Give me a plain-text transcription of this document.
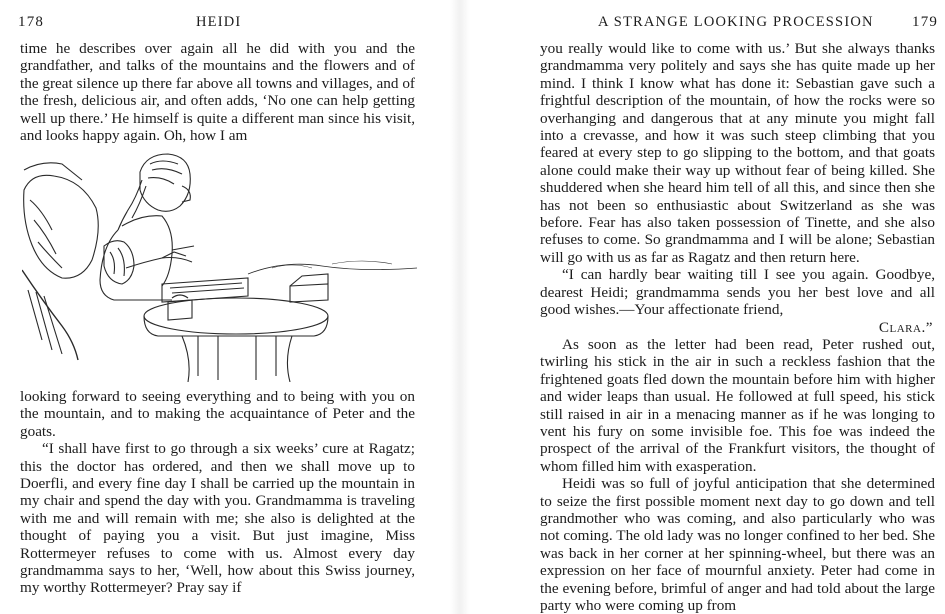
178	HEIDI

time he describes over again all he did with you and the grandfather, and talks of the mountains and the flowers and of the great silence up there far above all towns and villages, and of the fresh, delicious air, and often adds, ‘No one can help getting well up there.’ He himself is quite a different man since his visit, and looks happy again. Oh, how I am

looking forward to seeing everything and to being with you on the mountain, and to making the acquaintance of Peter and the goats.

“I shall have first to go through a six weeks’ cure at Ragatz; this the doctor has ordered, and then we shall move up to Doerfli, and every fine day I shall be carried up the mountain in my chair and spend the day with you. Grandmamma is traveling with me and will remain with me; she also is delighted at the thought of paying you a visit. But just imagine, Miss Rottermeyer refuses to come with us. Almost every day grandmamma says to her, ‘Well, how about this Swiss journey, my worthy Rottermeyer? Pray say if

A STRANGE LOOKING PROCESSION	179

you really would like to come with us.’ But she always thanks grandmamma very politely and says she has quite made up her mind. I think I know what has done it: Sebastian gave such a frightful description of the mountain, of how the rocks were so overhanging and dangerous that at any minute you might fall into a crevasse, and how it was such steep climbing that you feared at every step to go slipping to the bottom, and that goats alone could make their way up without fear of being killed. She shuddered when she heard him tell of all this, and since then she has not been so enthusiastic about Switzerland as she was before. Fear has also taken possession of Tinette, and she also refuses to come. So grandmamma and I will be alone; Sebastian will go with us as far as Ragatz and then return here.

“I can hardly bear waiting till I see you again. Goodbye, dearest Heidi; grandmamma sends you her best love and all good wishes.—Your affectionate friend,

Clara.”

As soon as the letter had been read, Peter rushed out, twirling his stick in the air in such a reckless fashion that the frightened goats fled down the mountain before him with higher and wider leaps than usual. He followed at full speed, his stick still raised in air in a menacing manner as if he was longing to vent his fury on some invisible foe. This foe was indeed the prospect of the arrival of the Frankfurt visitors, the thought of whom filled him with exasperation.

Heidi was so full of joyful anticipation that she determined to seize the first possible moment next day to go down and tell grandmother who was coming, and also particularly who was not coming. The old lady was no longer confined to her bed. She was back in her corner at her spinning-wheel, but there was an expression on her face of mournful anxiety. Peter had come in the evening before, brimful of anger and had told about the large party who were coming up from
